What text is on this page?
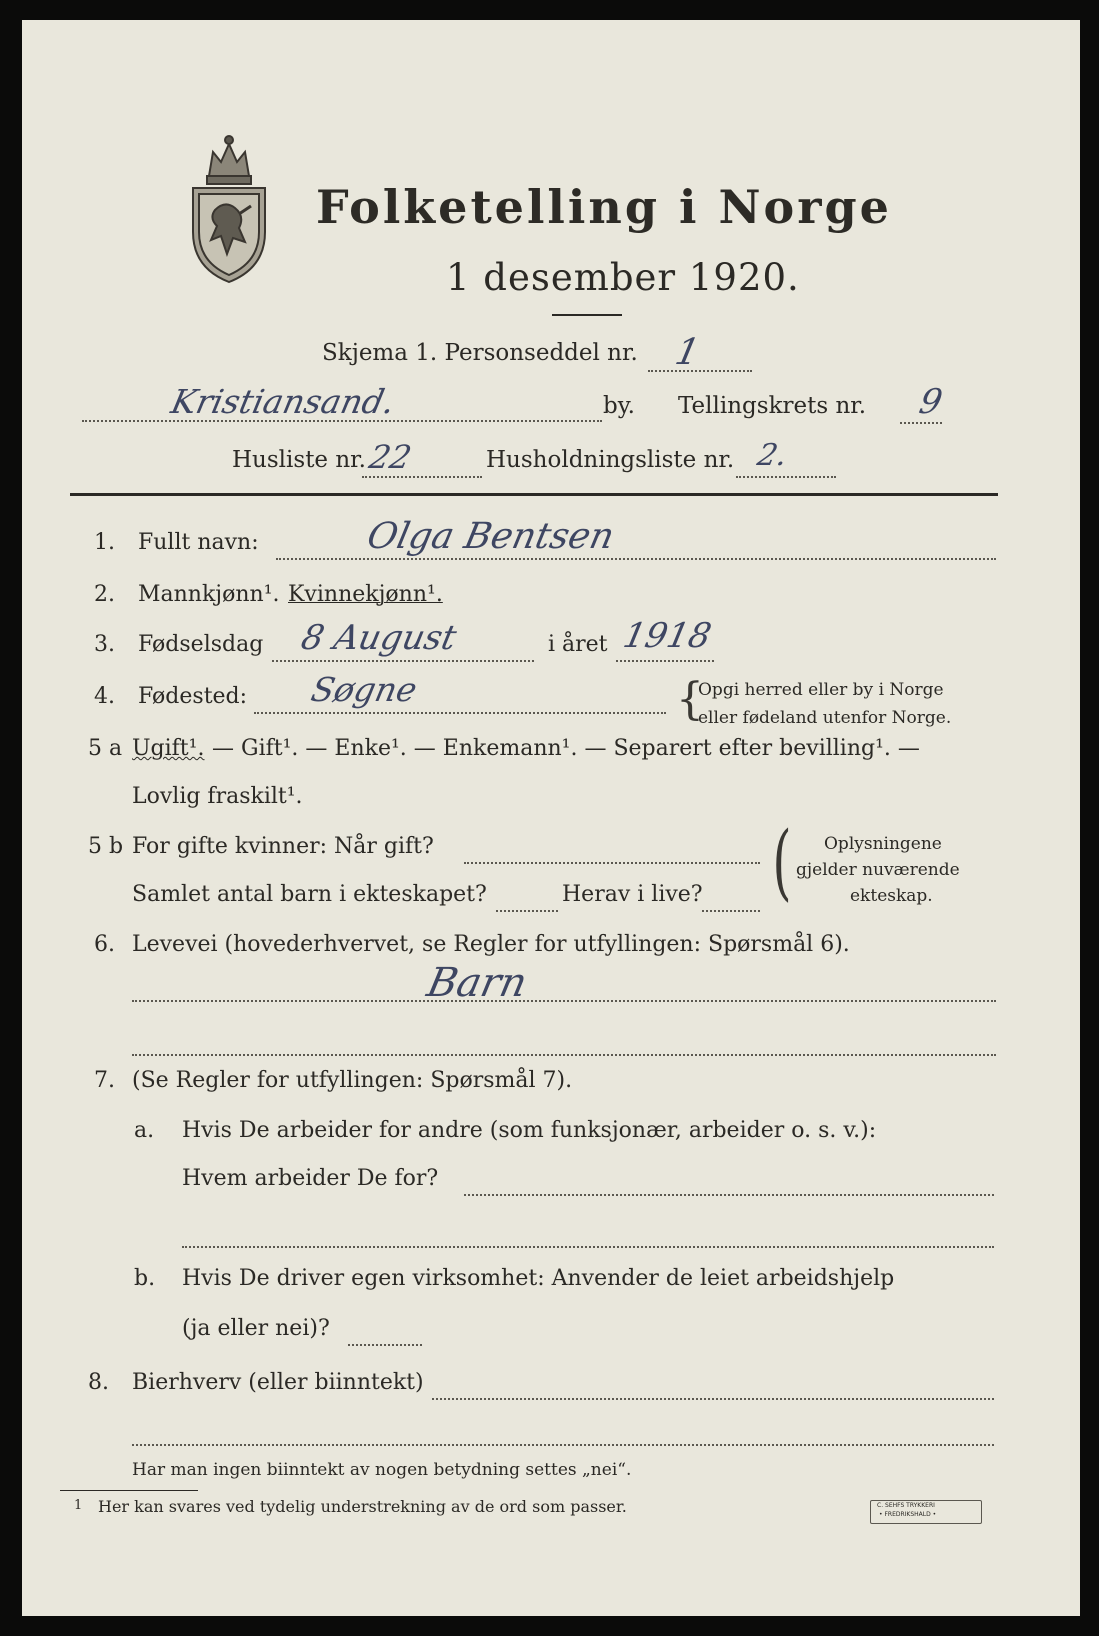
Folketelling i Norge
1 desember 1920.
Skjema 1. Personseddel nr. 1
Kristiansand.	by. Tellingskrets nr. 9
Husliste nr. 22	Husholdningsliste nr. 2.
1. Fullt navn:	Olga Bentsen
2. Mannkjønn¹. Kvinnekjønn¹.
3. Fødselsdag 8 August	i året 1918
4. Fødested: Søgne	{
Opgi herred eller by i Norge
eller fødeland utenfor Norge.
5 a Ugift¹. — Gift¹. — Enke¹. — Enkemann¹. — Separert efter bevilling¹. —
Lovlig fraskilt¹.
5 b For gifte kvinner: Når gift?
Samlet antal barn i ekteskapet?	Herav i live? ( Oplysningene
gjelder nuværende
ekteskap.
6. Levevei (hovederhvervet, se Regler for utfyllingen: Spørsmål 6).
Barn
7. (Se Regler for utfyllingen: Spørsmål 7).
a. Hvis De arbeider for andre (som funksjonær, arbeider o. s. v.):
Hvem arbeider De for?
b. Hvis De driver egen virksomhet: Anvender de leiet arbeidshjelp
(ja eller nei)?
8. Bierhverv (eller biinntekt)
Har man ingen biinntekt av nogen betydning settes „nei“.
1 Her kan svares ved tydelig understrekning av de ord som passer.	C. SEHFS TRYKKERI
• FREDRIKSHALD •
